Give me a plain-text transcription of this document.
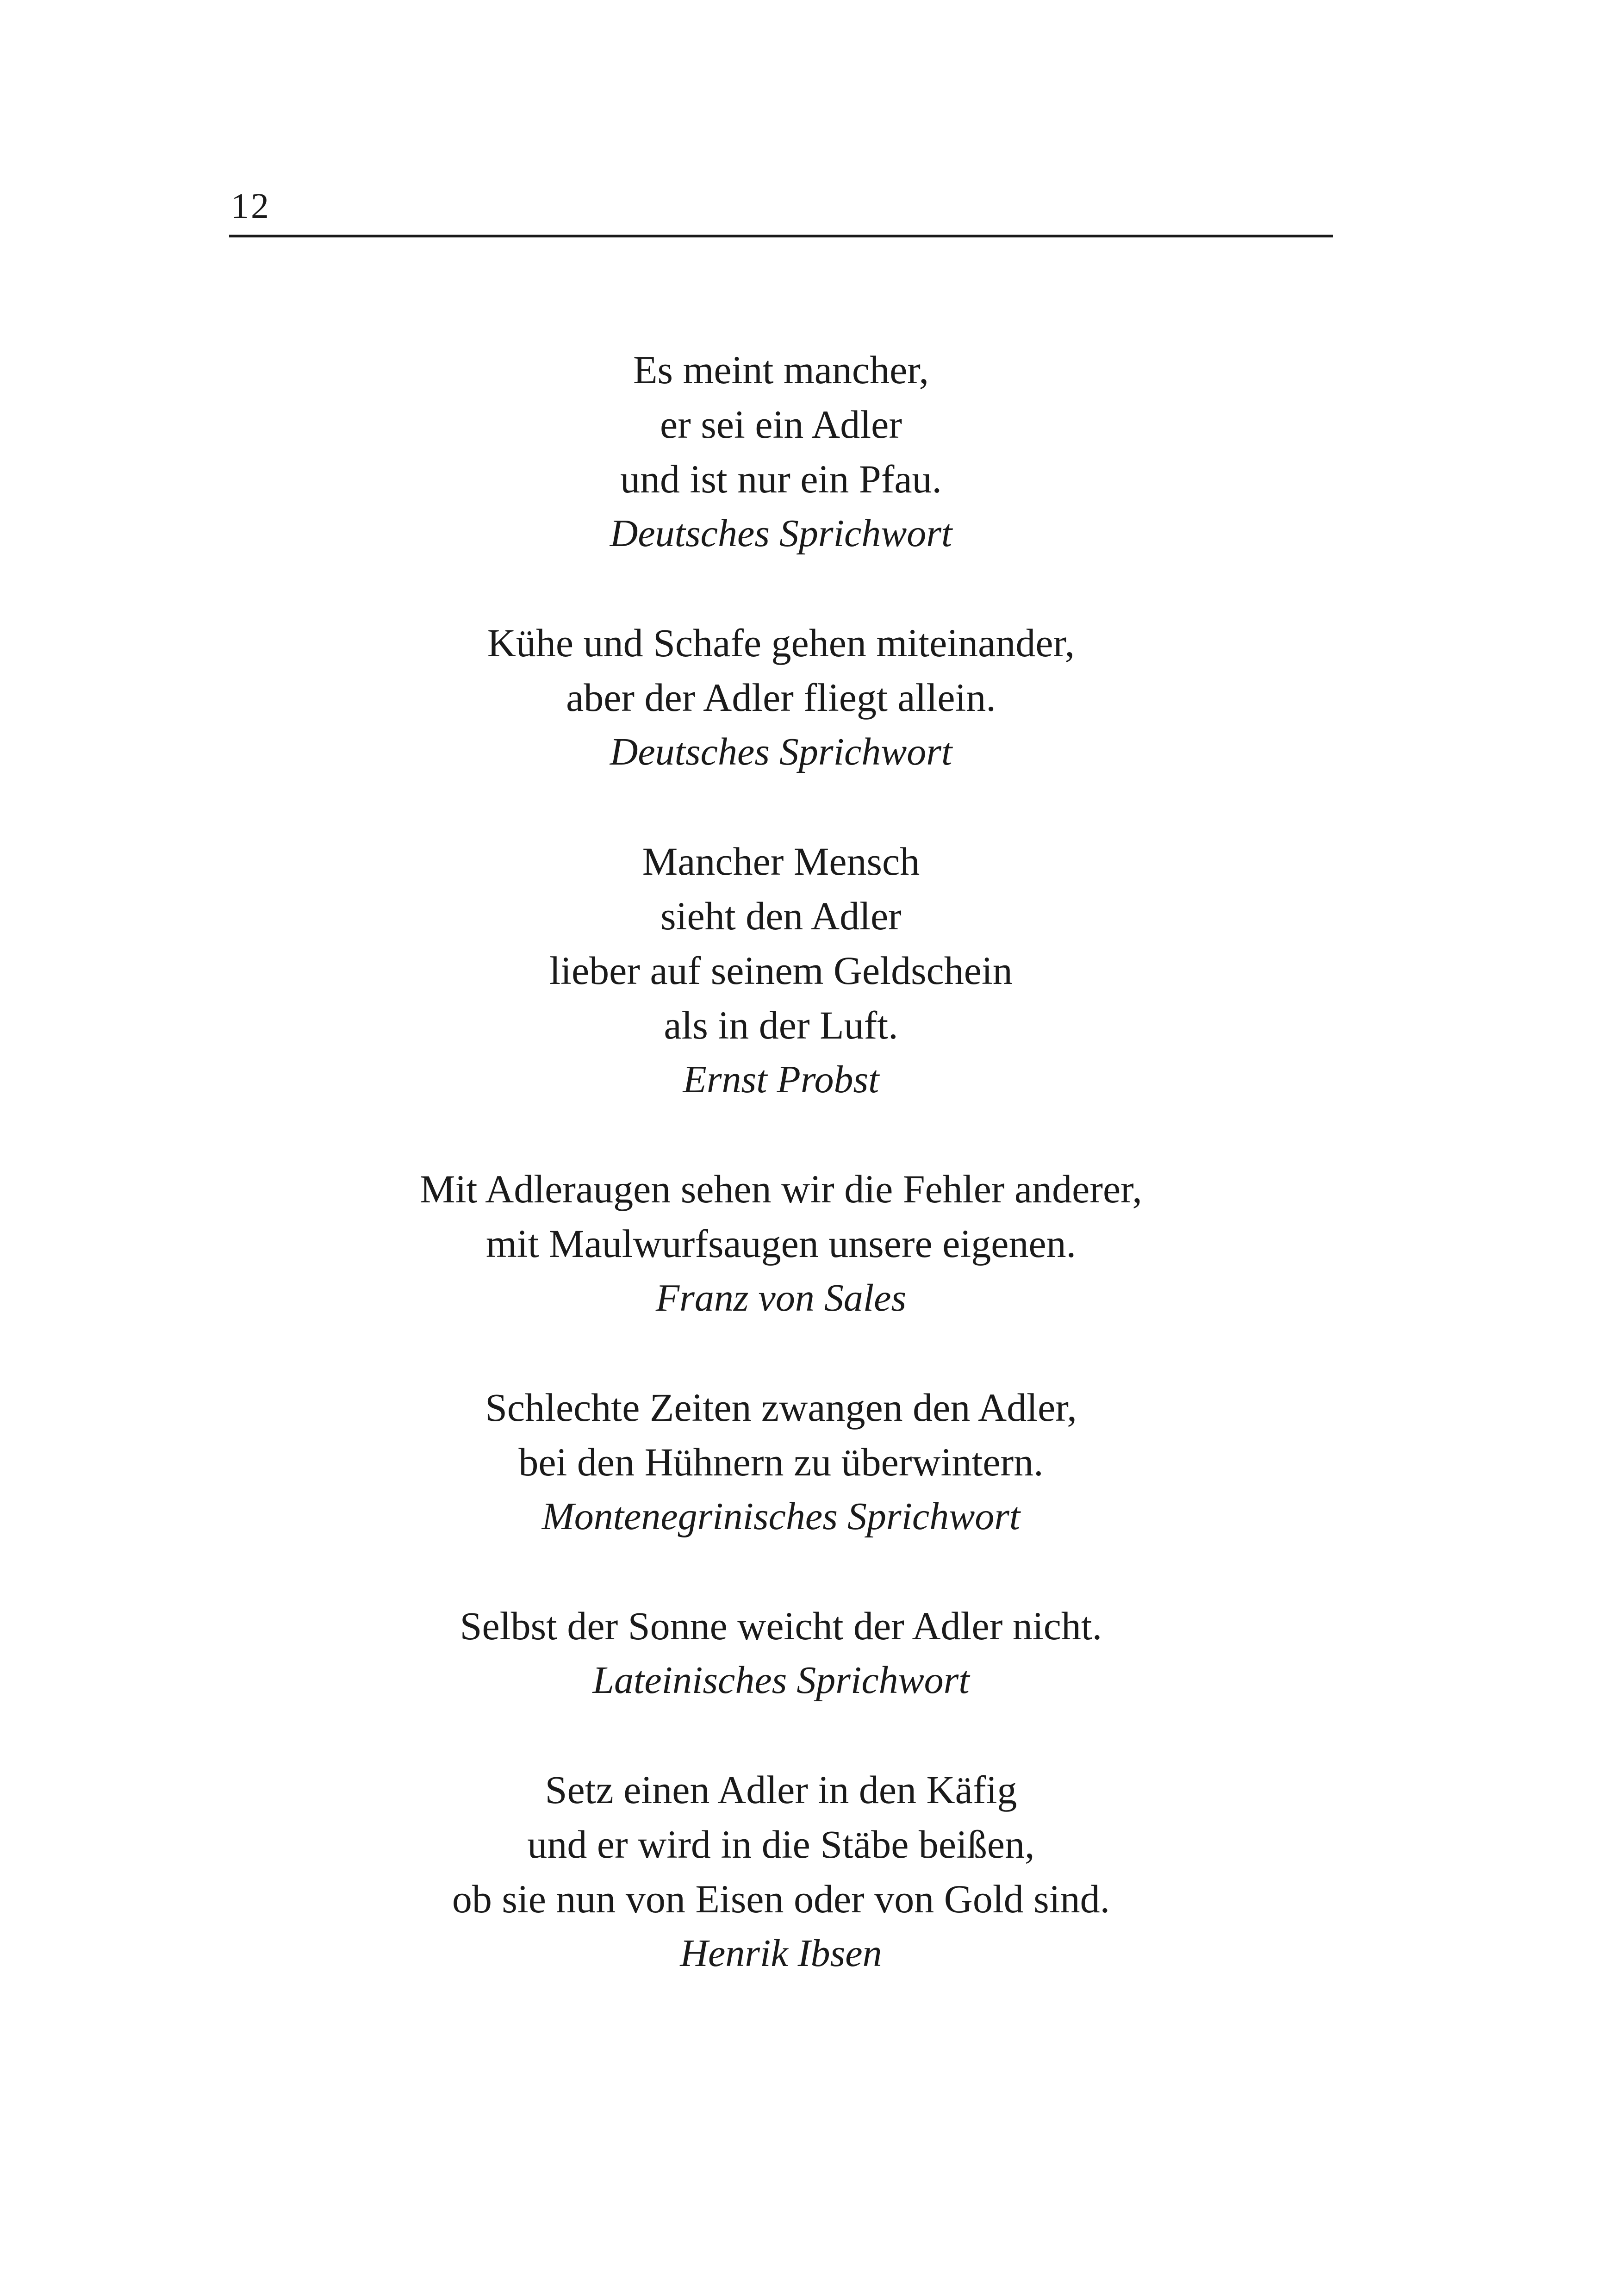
12
Es meint mancher,
er sei ein Adler
und ist nur ein Pfau.
Deutsches Sprichwort
Kühe und Schafe gehen miteinander,
aber der Adler fliegt allein.
Deutsches Sprichwort
Mancher Mensch
sieht den Adler
lieber auf seinem Geldschein
als in der Luft.
Ernst Probst
Mit Adleraugen sehen wir die Fehler anderer,
mit Maulwurfsaugen unsere eigenen.
Franz von Sales
Schlechte Zeiten zwangen den Adler,
bei den Hühnern zu überwintern.
Montenegrinisches Sprichwort
Selbst der Sonne weicht der Adler nicht.
Lateinisches Sprichwort
Setz einen Adler in den Käfig
und er wird in die Stäbe beißen,
ob sie nun von Eisen oder von Gold sind.
Henrik Ibsen
